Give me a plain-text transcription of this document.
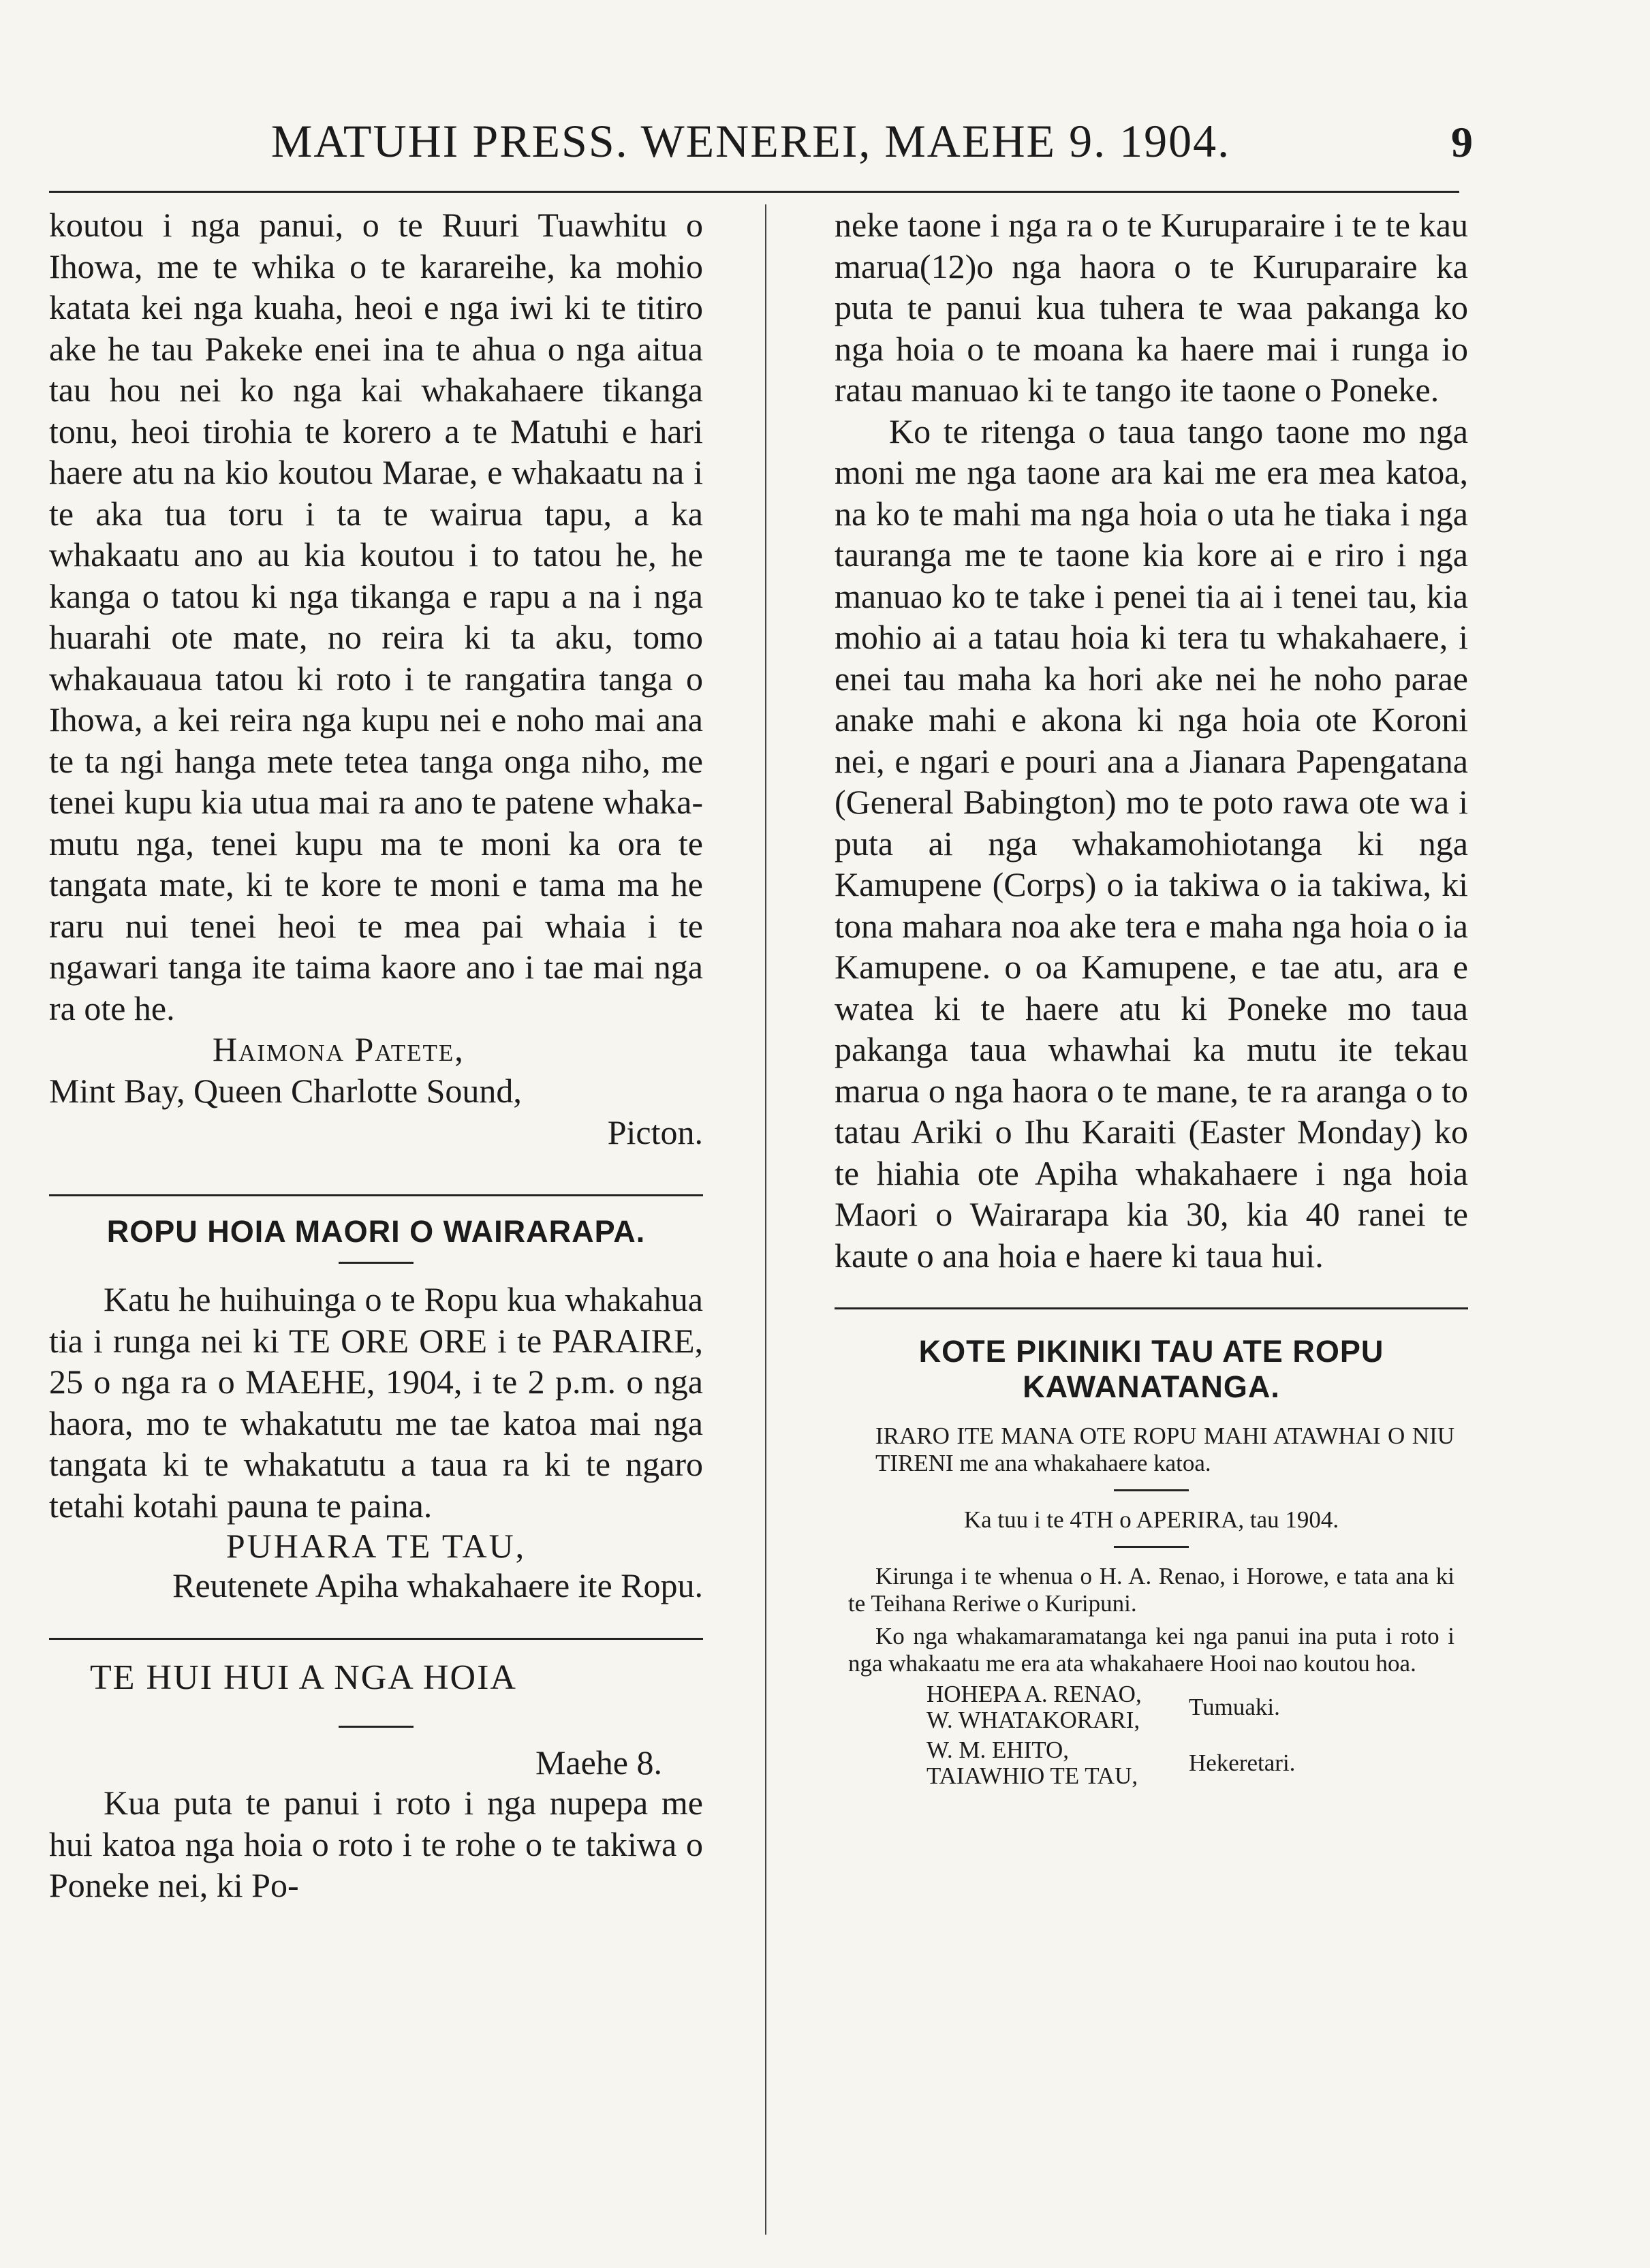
MATUHI PRESS. WENEREI, MAEHE 9. 1904.	9

koutou i nga panui, o te Ruuri Tuawhitu o Ihowa, me te whika o te karareihe, ka mohio katata kei nga kuaha, heoi e nga iwi ki te titiro ake he tau Pakeke enei ina te ahua o nga aitua tau hou nei ko nga kai whakahaere tikanga tonu, heoi tirohia te korero a te Matuhi e hari haere atu na kio koutou Marae, e whakaatu na i te aka tua toru i ta te wairua tapu, a ka whakaatu ano au kia koutou i to tatou he, he kanga o tatou ki nga tikanga e rapu a na i nga huarahi ote mate, no reira ki ta aku, tomo whakauaua tatou ki roto i te rangatira tanga o Ihowa, a kei reira nga kupu nei e noho mai ana te ta ngi hanga mete tetea tanga onga niho, me tenei kupu kia utua mai ra ano te patene whaka-mutu nga, tenei kupu ma te moni ka ora te tangata mate, ki te kore te moni e tama ma he raru nui tenei heoi te mea pai whaia i te ngawari tanga ite taima kaore ano i tae mai nga ra ote he.

Haimona Patete,
Mint Bay, Queen Charlotte Sound,
Picton.

ROPU HOIA MAORI O WAIRARAPA.

Katu he huihuinga o te Ropu kua whakahua tia i runga nei ki TE ORE ORE i te PARAIRE, 25 o nga ra o MAEHE, 1904, i te 2 p.m. o nga haora, mo te whakatutu me tae katoa mai nga tangata ki te whakatutu a taua ra ki te ngaro tetahi kotahi pauna te paina.

PUHARA TE TAU,

Reutenete Apiha whakahaere ite Ropu.

TE HUI HUI A NGA HOIA

Maehe 8.

Kua puta te panui i roto i nga nupepa me hui katoa nga hoia o roto i te rohe o te takiwa o Poneke nei, ki Po-

neke taone i nga ra o te Kuruparaire i te te kau marua(12)o nga haora o te Kuruparaire ka puta te panui kua tuhera te waa pakanga ko nga hoia o te moana ka haere mai i runga io ratau manuao ki te tango ite taone o Poneke.

Ko te ritenga o taua tango taone mo nga moni me nga taone ara kai me era mea katoa, na ko te mahi ma nga hoia o uta he tiaka i nga tauranga me te taone kia kore ai e riro i nga manuao ko te take i penei tia ai i tenei tau, kia mohio ai a tatau hoia ki tera tu whakahaere, i enei tau maha ka hori ake nei he noho parae anake mahi e akona ki nga hoia ote Koroni nei, e ngari e pouri ana a Jianara Papengatana (General Babington) mo te poto rawa ote wa i puta ai nga whakamohiotanga ki nga Kamupene (Corps) o ia takiwa o ia takiwa, ki tona mahara noa ake tera e maha nga hoia o ia Kamupene. o oa Kamupene, e tae atu, ara e watea ki te haere atu ki Poneke mo taua pakanga taua whawhai ka mutu ite tekau marua o nga haora o te mane, te ra aranga o to tatau Ariki o Ihu Karaiti (Easter Monday) ko te hiahia ote Apiha whakahaere i nga hoia Maori o Wairarapa kia 30, kia 40 ranei te kaute o ana hoia e haere ki taua hui.

KOTE PIKINIKI TAU ATE ROPU

KAWANATANGA.

IRARO ITE MANA OTE ROPU MAHI ATAWHAI O NIU TIRENI me ana whakahaere katoa.

Ka tuu i te 4TH o APERIRA, tau 1904.

Kirunga i te whenua o H. A. Renao, i Horowe, e tata ana ki te Teihana Reriwe o Kuripuni.

Ko nga whakamaramatanga kei nga panui ina puta i roto i nga whakaatu me era ata whakahaere Hooi nao koutou hoa.

HOHEPA A. RENAO,
W. WHATAKORARI,	Tumuaki.
W. M. EHITO,
TAIAWHIO TE TAU,	Hekeretari.
